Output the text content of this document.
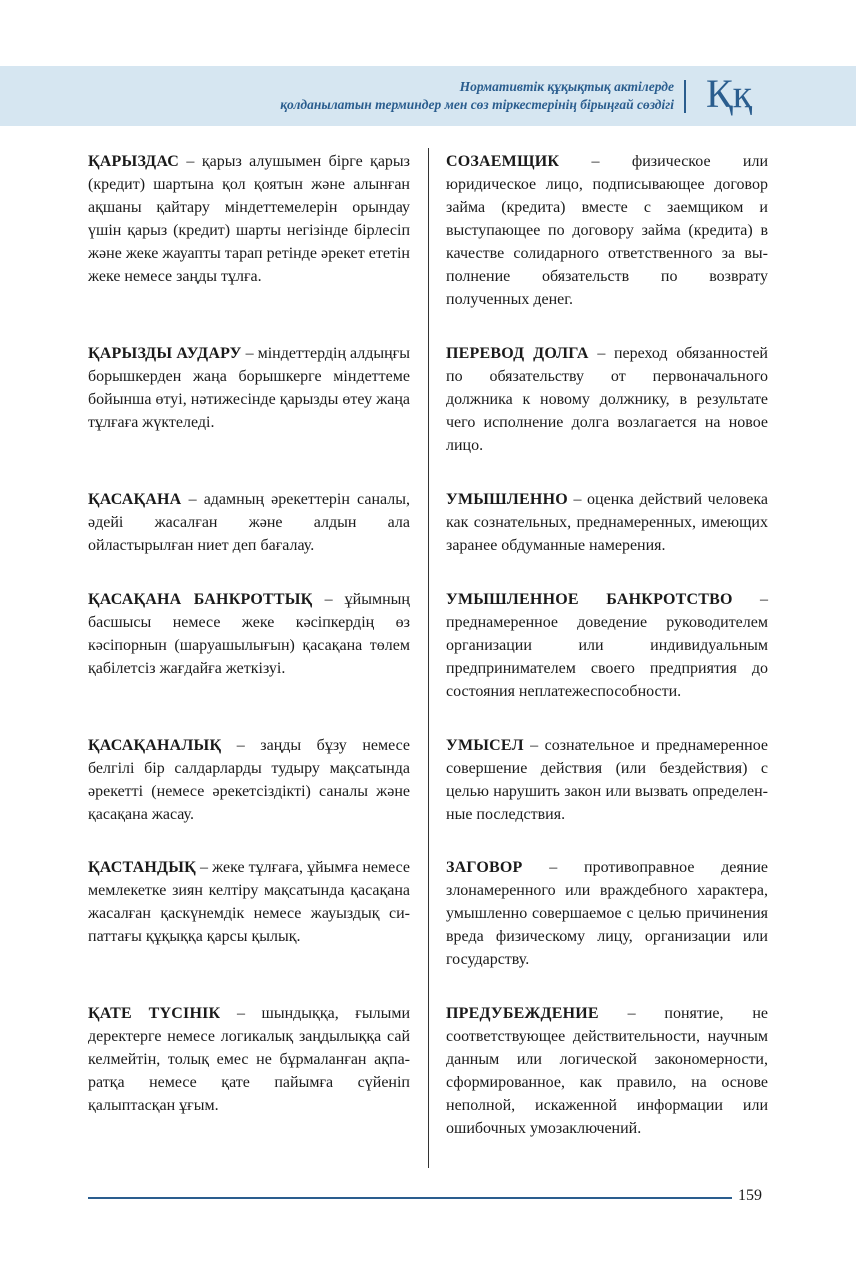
Нормативтік құқықтық актілерде
қолданылатын терминдер мен сөз тіркестерінің бірыңғай сөздігі Ққ
ҚАРЫЗДАС – қарыз алушымен бірге қарыз (кредит) шартына қол қоятын және алынған ақшаны қайтару міндеттемелерін орындау үшін қарыз (кредит) шарты негізінде бірлесіп және жеке жауапты тарап ретінде әрекет ететін жеке немесе заңды тұлға.
ҚАРЫЗДЫ АУДАРУ – міндеттердің алдыңғы борышкерден жаңа борышкерге міндеттеме бойынша өтуі, нәтижесінде қарызды өтеу жаңа тұлғаға жүктеледі.
ҚАСАҚАНА – адамның әрекеттерін саналы, әдейі жасалған және алдын ала ойластырылған ниет деп бағалау.
ҚАСАҚАНА БАНКРОТТЫҚ – ұйымның басшысы немесе жеке кәсіпкердің өз кәсіпорнын (шаруашылығын) қасақана төлем қабілетсіз жағдайға жеткізуі.
ҚАСАҚАНАЛЫҚ – заңды бұзу немесе белгілі бір салдарларды тудыру мақсатында әрекетті (немесе әрекетсіздікті) саналы және қасақана жасау.
ҚАСТАНДЫҚ – жеке тұлғаға, ұйымға немесе мемлекетке зиян келтіру мақсатында қасақана жасалған қаскүнемдік немесе жауыздық сипаттағы құқыққа қарсы қылық.
ҚАТЕ ТҮСІНІК – шындыққа, ғылыми деректерге немесе логикалық заңдылыққа сай келмейтін, толық емес не бұрмаланған ақпаратқа немесе қате пайымға сүйеніп қалыптасқан ұғым.
СОЗАЕМЩИК – физическое или юридическое лицо, подписывающее договор займа (кредита) вместе с заемщиком и выступающее по договору займа (кредита) в качестве солидарного ответственного за выполнение обязательств по возврату полученных денег.
ПЕРЕВОД ДОЛГА – переход обязанностей по обязательству от первоначального должника к новому должнику, в результате чего исполнение долга возлагается на новое лицо.
УМЫШЛЕННО – оценка действий человека как сознательных, преднамеренных, имеющих заранее обдуманные намерения.
УМЫШЛЕННОЕ БАНКРОТСТВО – преднамеренное доведение руководителем организации или индивидуальным предпринимателем своего предприятия до состояния неплатежеспособности.
УМЫСЕЛ – сознательное и преднамеренное совершение действия (или бездействия) с целью нарушить закон или вызвать определенные последствия.
ЗАГОВОР – противоправное деяние злонамеренного или враждебного характера, умышленно совершаемое с целью причинения вреда физическому лицу, организации или государству.
ПРЕДУБЕЖДЕНИЕ – понятие, не соответствующее действительности, научным данным или логической закономерности, сформированное, как правило, на основе неполной, искаженной информации или ошибочных умозаключений.
159
